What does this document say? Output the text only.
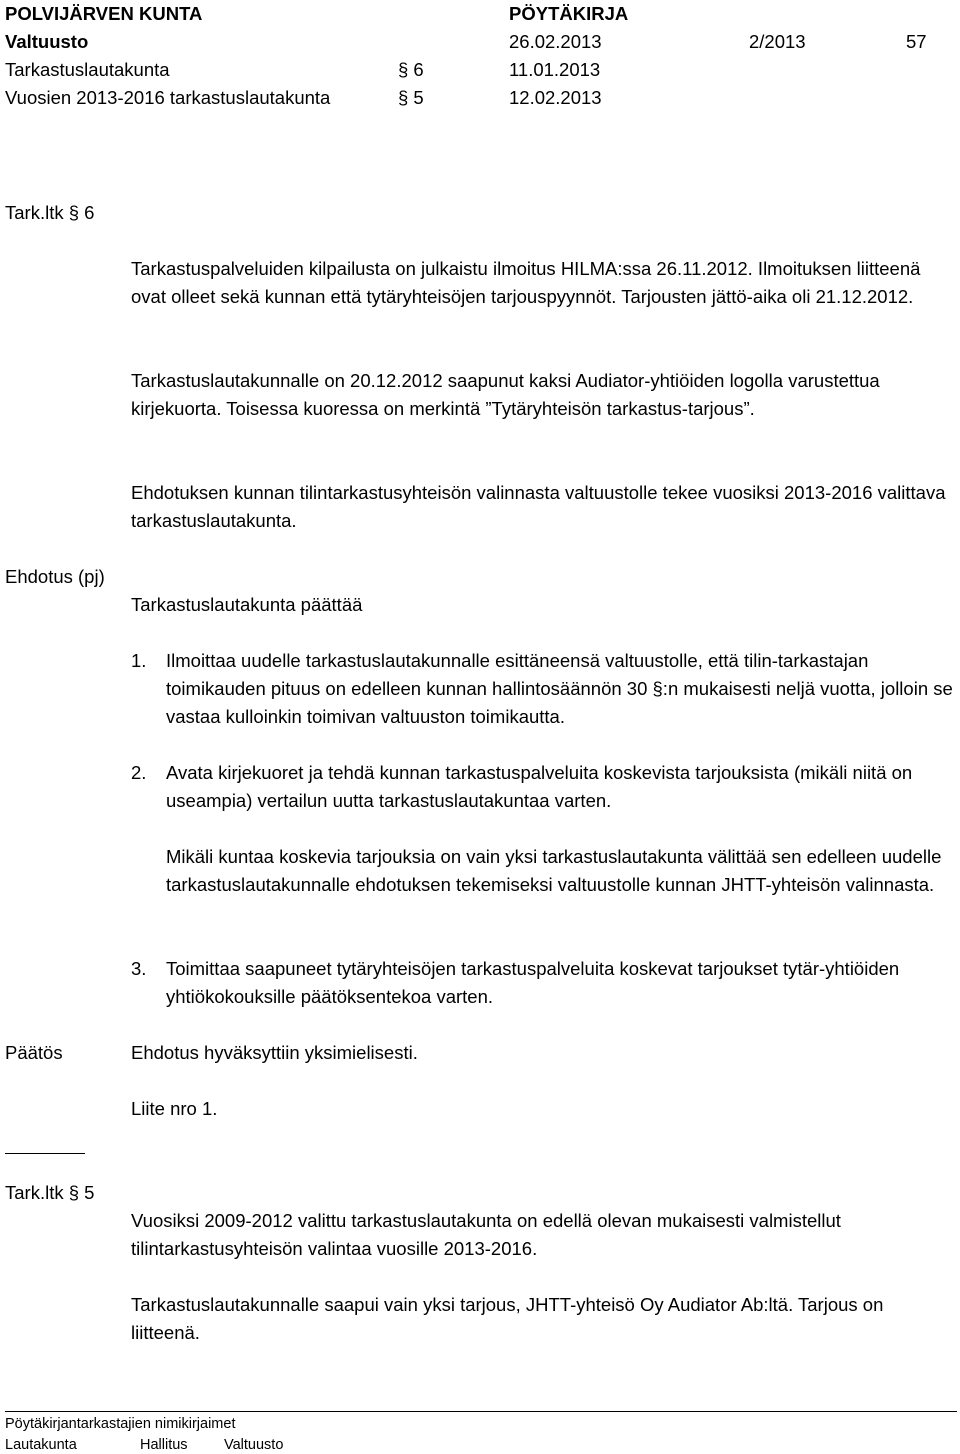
POLVIJÄRVEN KUNTA	PÖYTÄKIRJA
Valtuusto	26.02.2013	2/2013	57
Tarkastuslautakunta	§ 6	11.01.2013
Vuosien 2013-2016 tarkastuslautakunta	§ 5	12.02.2013
Tark.ltk § 6

Tarkastuspalveluiden kilpailusta on julkaistu ilmoitus HILMA:ssa 26.11.2012. Ilmoituksen liitteenä ovat olleet sekä kunnan että tytäryhteisöjen tarjouspyynnöt. Tarjousten jättö-aika oli 21.12.2012.

Tarkastuslautakunnalle on 20.12.2012 saapunut kaksi Audiator-yhtiöiden logolla varustettua kirjekuorta. Toisessa kuoressa on merkintä ”Tytäryhteisön tarkastus-tarjous”.

Ehdotuksen kunnan tilintarkastusyhteisön valinnasta valtuustolle tekee vuosiksi 2013-2016 valittava tarkastuslautakunta.

Ehdotus (pj)
Tarkastuslautakunta päättää
1. Ilmoittaa uudelle tarkastuslautakunnalle esittäneensä valtuustolle, että tilin-tarkastajan toimikauden pituus on edelleen kunnan hallintosäännön 30 §:n mukaisesti neljä vuotta, jolloin se vastaa kulloinkin toimivan valtuuston toimikautta.
2. Avata kirjekuoret ja tehdä kunnan tarkastuspalveluita koskevista tarjouksista (mikäli niitä on useampia) vertailun uutta tarkastuslautakuntaa varten.
Mikäli kuntaa koskevia tarjouksia on vain yksi tarkastuslautakunta välittää sen edelleen uudelle tarkastuslautakunnalle ehdotuksen tekemiseksi valtuustolle kunnan JHTT-yhteisön valinnasta.
3. Toimittaa saapuneet tytäryhteisöjen tarkastuspalveluita koskevat tarjoukset tytär-yhtiöiden yhtiökokouksille päätöksentekoa varten.
Päätös	Ehdotus hyväksyttiin yksimielisesti.
Liite nro 1.
Tark.ltk § 5

Vuosiksi 2009-2012 valittu tarkastuslautakunta on edellä olevan mukaisesti valmistellut tilintarkastusyhteisön valintaa vuosille 2013-2016.

Tarkastuslautakunnalle saapui vain yksi tarjous, JHTT-yhteisö Oy Audiator Ab:ltä. Tarjous on liitteenä.

Pöytäkirjantarkastajien nimikirjaimet
Lautakunta	Hallitus	Valtuusto
